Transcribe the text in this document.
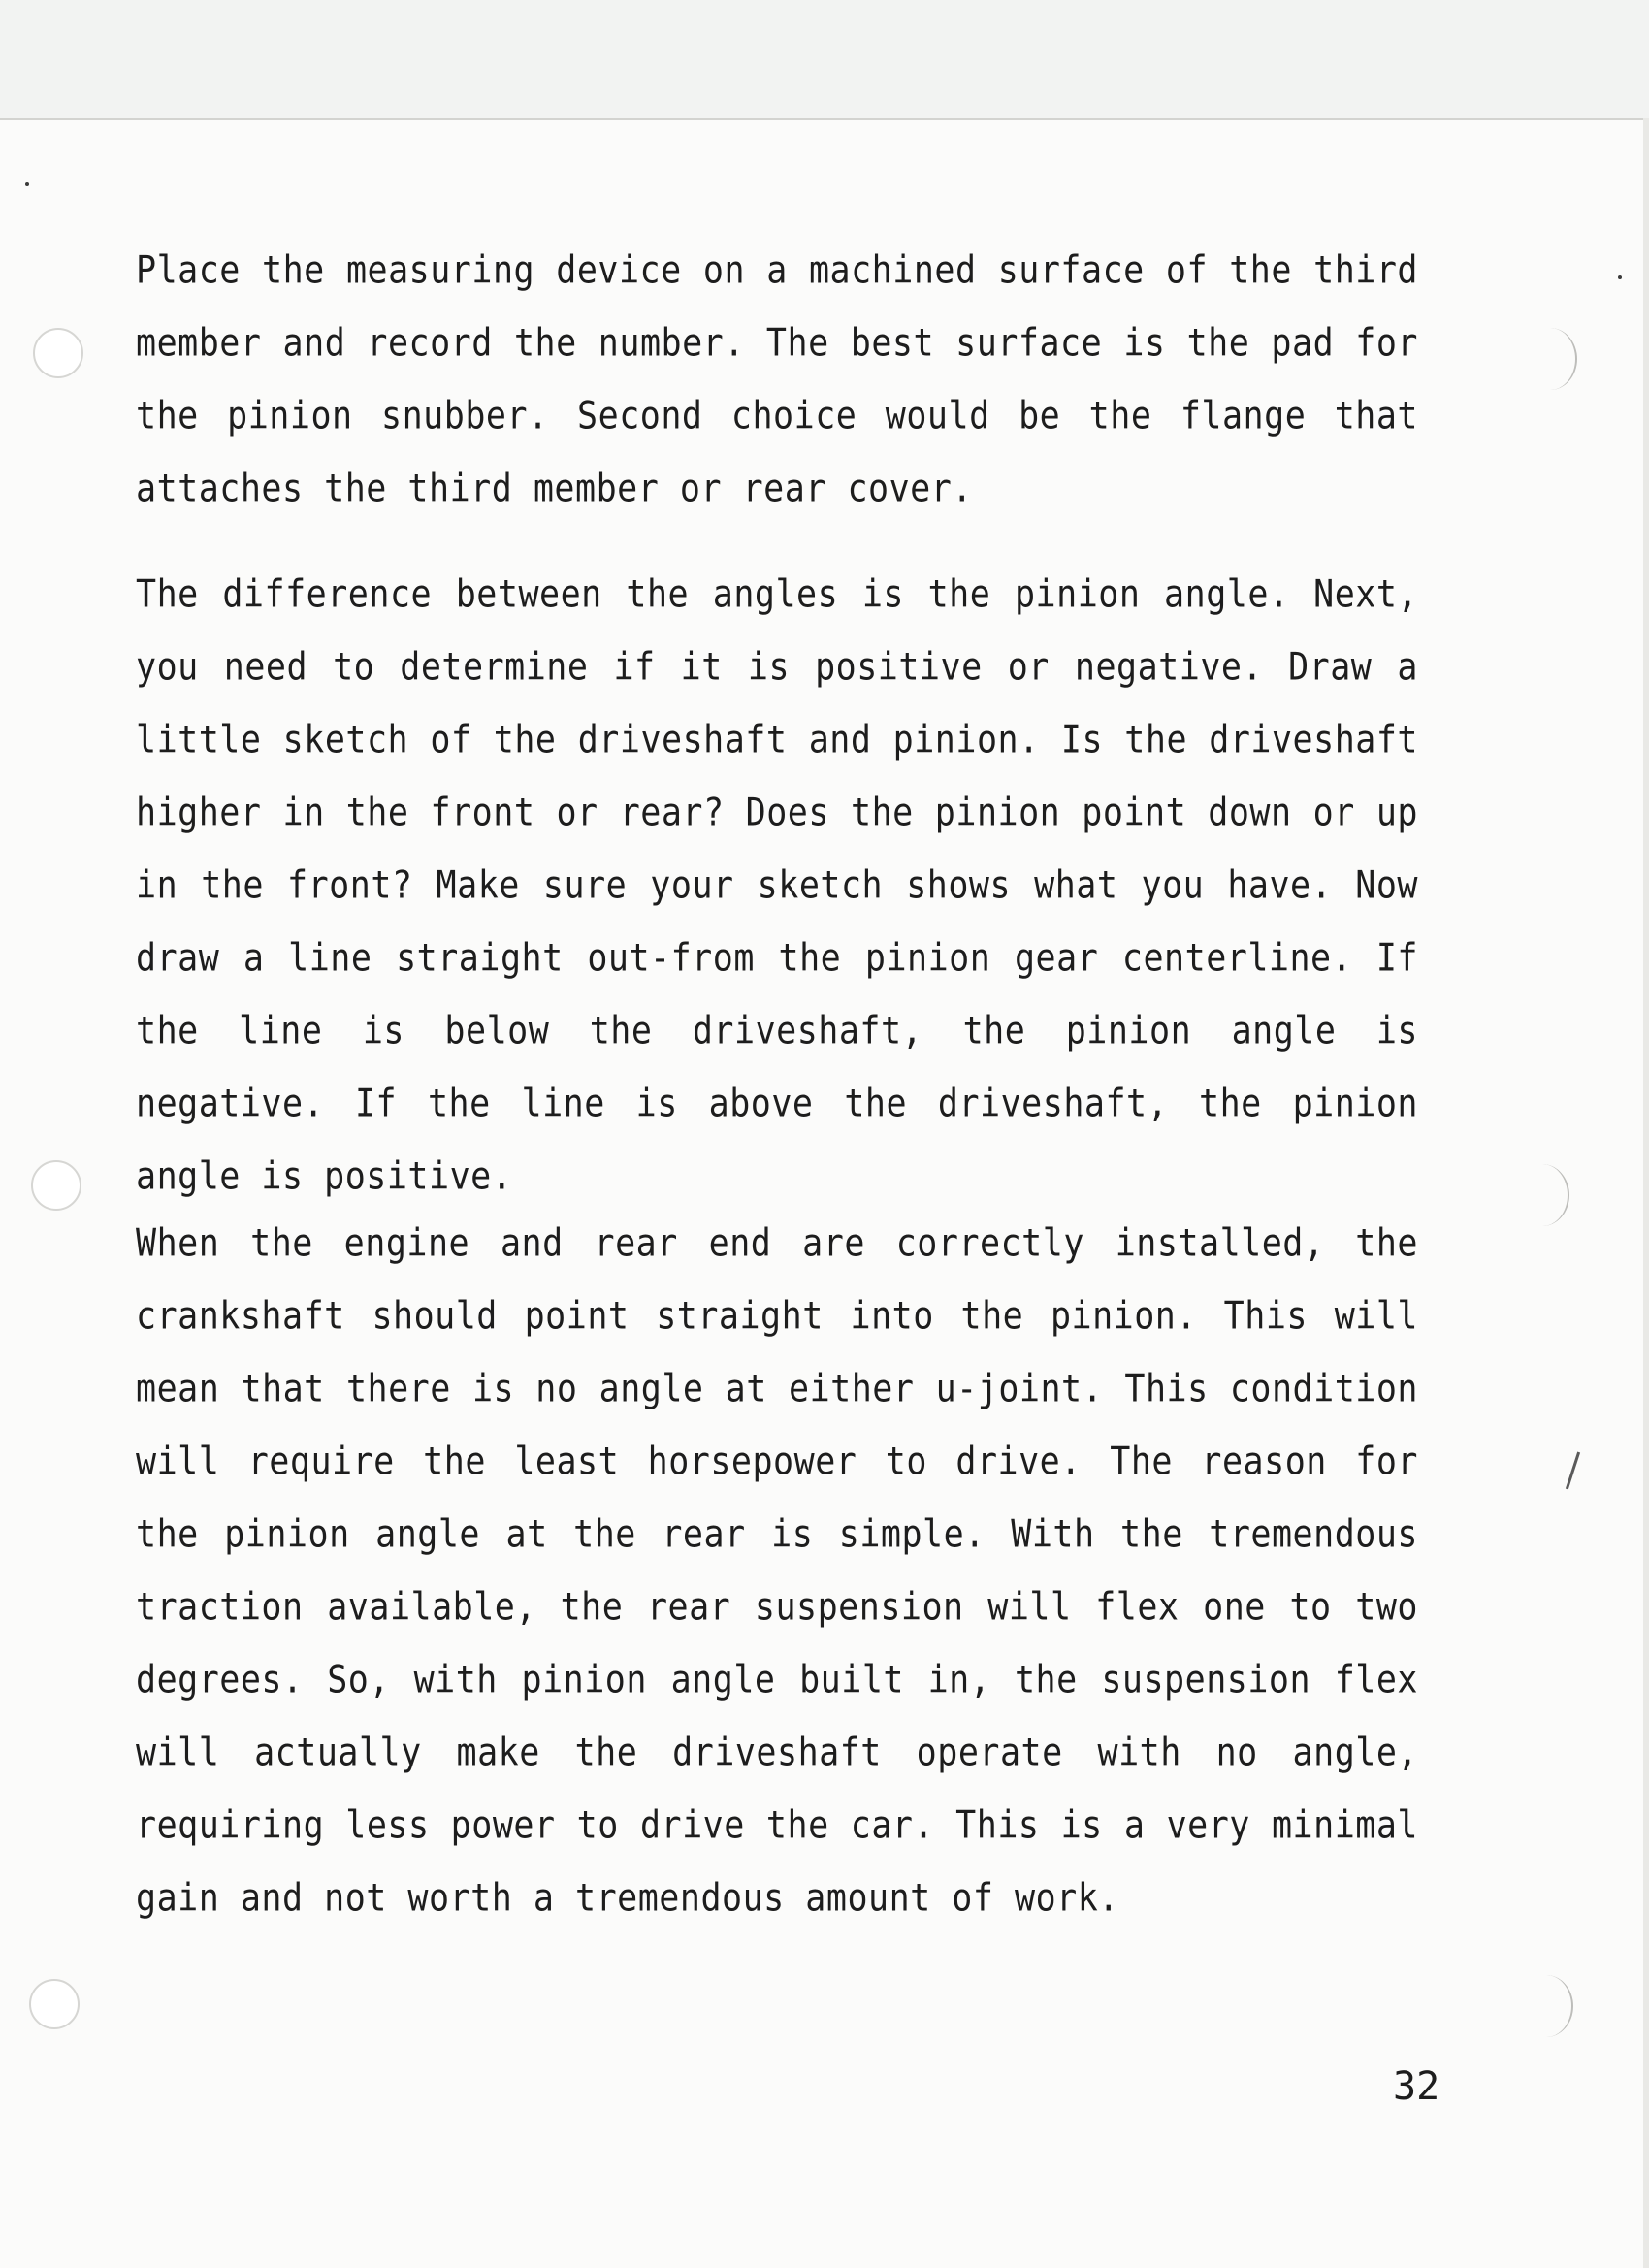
Place the measuring device on a machined surface of the third member and record the number. The best surface is the pad for the pinion snubber. Second choice would be the flange that attaches the third member or rear cover.

The difference between the angles is the pinion angle. Next, you need to determine if it is positive or negative. Draw a little sketch of the driveshaft and pinion. Is the driveshaft higher in the front or rear? Does the pinion point down or up in the front? Make sure your sketch shows what you have. Now draw a line straight out-from the pinion gear centerline. If the line is below the driveshaft, the pinion angle is negative. If the line is above the driveshaft, the pinion angle is positive.

When the engine and rear end are correctly installed, the crankshaft should point straight into the pinion. This will mean that there is no angle at either u-joint. This condition will require the least horsepower to drive. The reason for the pinion angle at the rear is simple. With the tremendous traction available, the rear suspension will flex one to two degrees. So, with pinion angle built in, the suspension flex will actually make the driveshaft operate with no angle, requiring less power to drive the car. This is a very minimal gain and not worth a tremendous amount of work.

32
